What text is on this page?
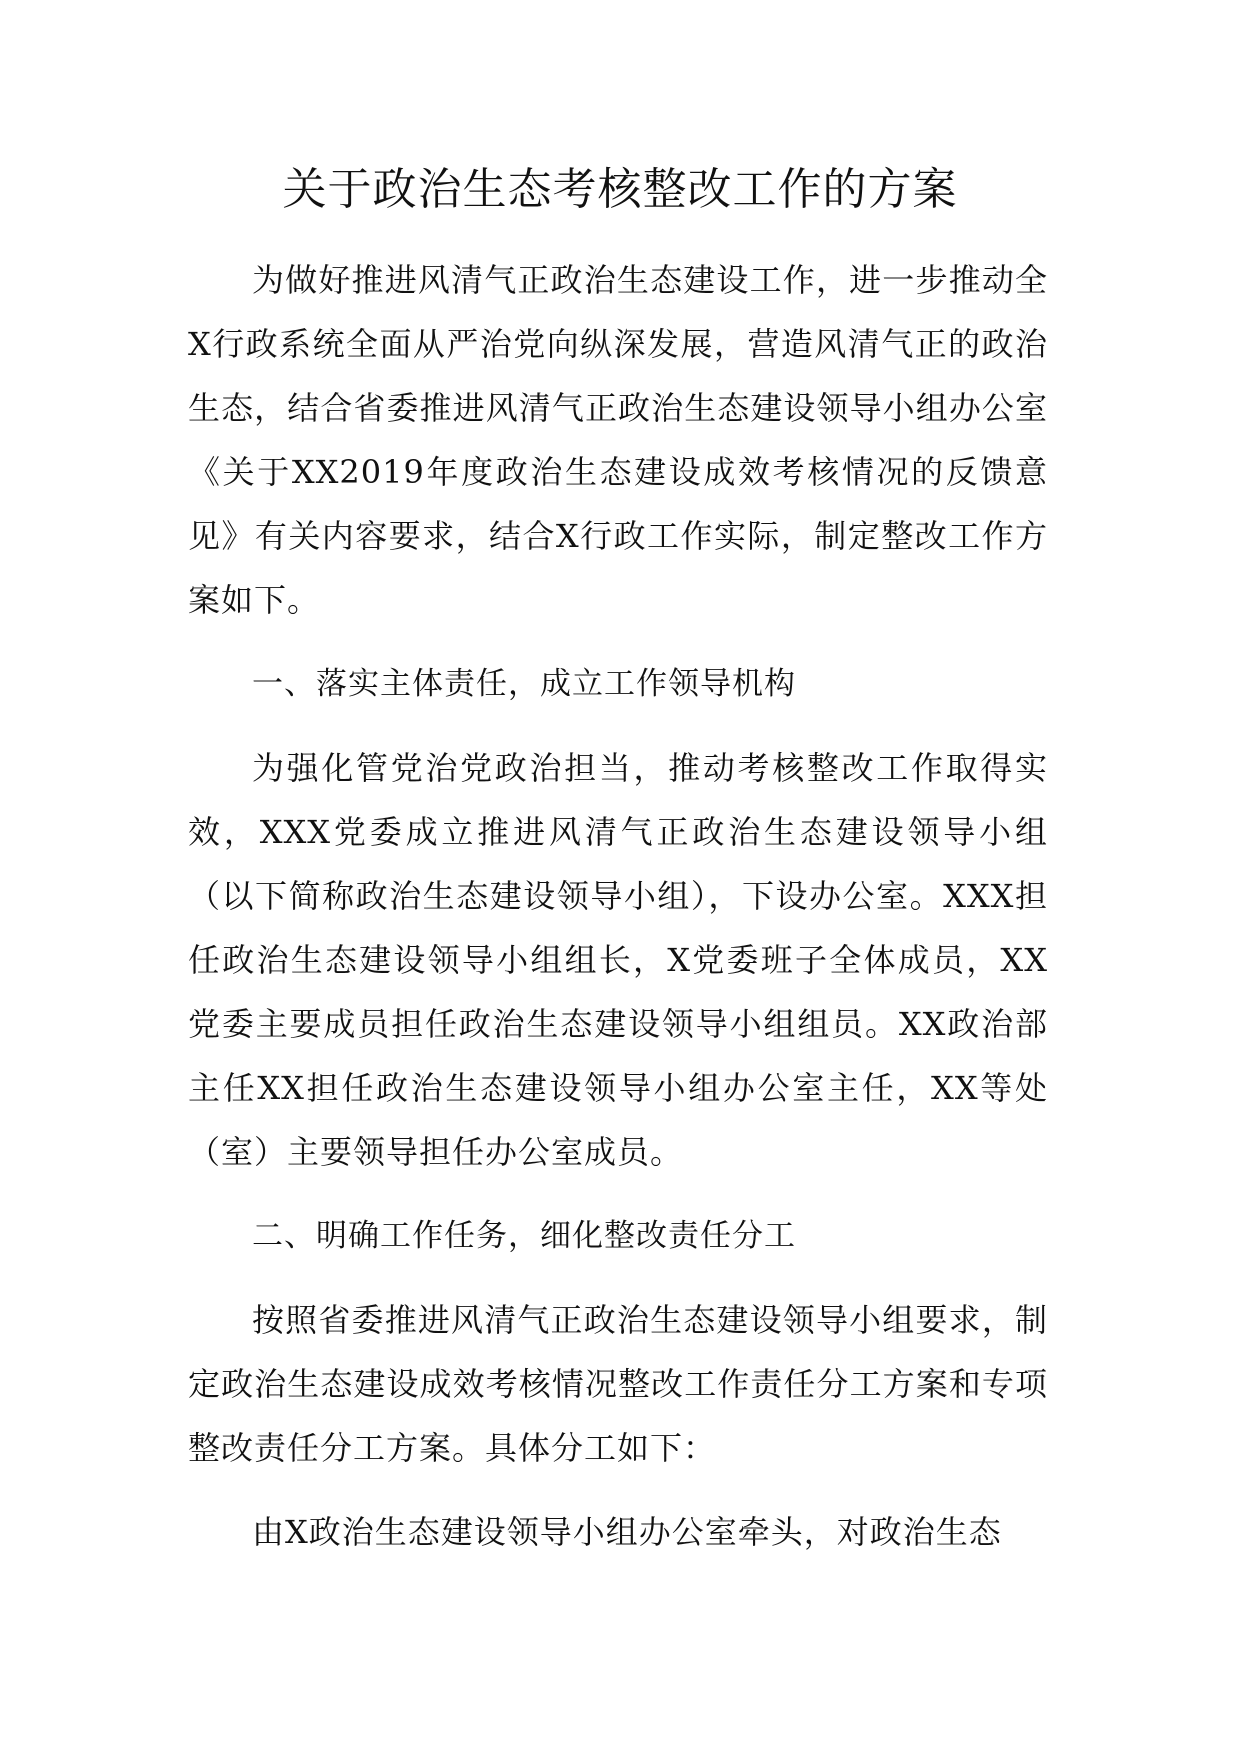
关于政治生态考核整改工作的方案

为做好推进风清气正政治生态建设工作，进一步推动全X行政系统全面从严治党向纵深发展，营造风清气正的政治生态，结合省委推进风清气正政治生态建设领导小组办公室《关于XX2019年度政治生态建设成效考核情况的反馈意见》有关内容要求，结合X行政工作实际，制定整改工作方案如下。

一、落实主体责任，成立工作领导机构

为强化管党治党政治担当，推动考核整改工作取得实效，XXX党委成立推进风清气正政治生态建设领导小组（以下简称政治生态建设领导小组），下设办公室。XXX担任政治生态建设领导小组组长，X党委班子全体成员，XX党委主要成员担任政治生态建设领导小组组员。XX政治部主任XX担任政治生态建设领导小组办公室主任，XX等处（室）主要领导担任办公室成员。

二、明确工作任务，细化整改责任分工

按照省委推进风清气正政治生态建设领导小组要求，制定政治生态建设成效考核情况整改工作责任分工方案和专项整改责任分工方案。具体分工如下：

由X政治生态建设领导小组办公室牵头，对政治生态
